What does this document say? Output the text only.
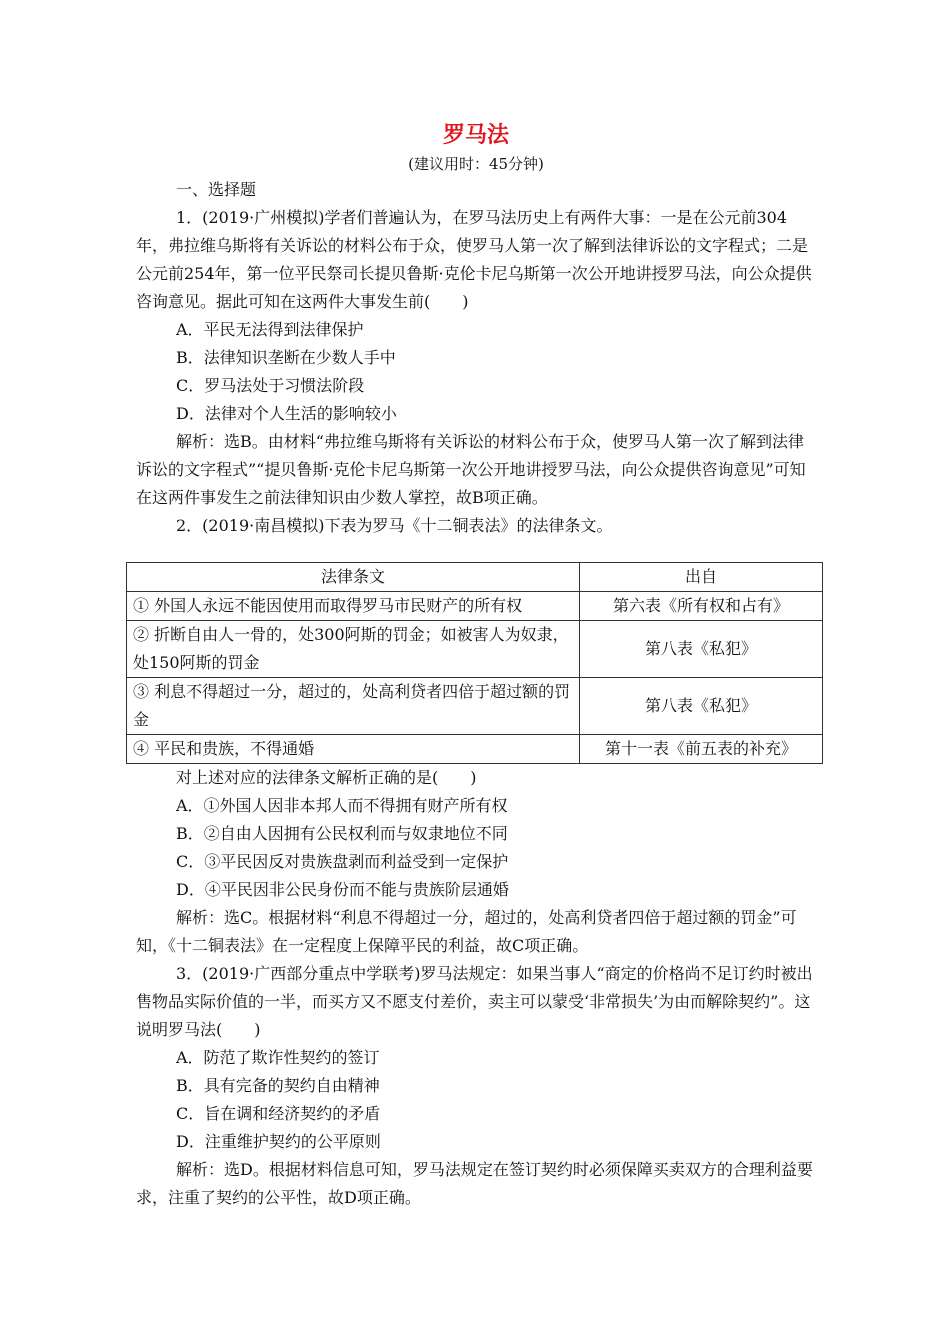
罗马法
(建议用时：45分钟)

一、选择题

1．(2019·广州模拟)学者们普遍认为，在罗马法历史上有两件大事：一是在公元前304年，弗拉维乌斯将有关诉讼的材料公布于众，使罗马人第一次了解到法律诉讼的文字程式；二是公元前254年，第一位平民祭司长提贝鲁斯·克伦卡尼乌斯第一次公开地讲授罗马法，向公众提供咨询意见。据此可知在这两件大事发生前(　　)

A．平民无法得到法律保护

B．法律知识垄断在少数人手中

C．罗马法处于习惯法阶段

D．法律对个人生活的影响较小

解析：选B。由材料“弗拉维乌斯将有关诉讼的材料公布于众，使罗马人第一次了解到法律诉讼的文字程式”“提贝鲁斯·克伦卡尼乌斯第一次公开地讲授罗马法，向公众提供咨询意见”可知在这两件事发生之前法律知识由少数人掌控，故B项正确。

2．(2019·南昌模拟)下表为罗马《十二铜表法》的法律条文。

法律条文	出自
① 外国人永远不能因使用而取得罗马市民财产的所有权	第六表《所有权和占有》
② 折断自由人一骨的，处300阿斯的罚金；如被害人为奴隶，处150阿斯的罚金	第八表《私犯》
③ 利息不得超过一分，超过的，处高利贷者四倍于超过额的罚金	第八表《私犯》
④ 平民和贵族，不得通婚	第十一表《前五表的补充》

对上述对应的法律条文解析正确的是(　　)

A．①外国人因非本邦人而不得拥有财产所有权

B．②自由人因拥有公民权利而与奴隶地位不同

C．③平民因反对贵族盘剥而利益受到一定保护

D．④平民因非公民身份而不能与贵族阶层通婚

解析：选C。根据材料“利息不得超过一分，超过的，处高利贷者四倍于超过额的罚金”可知，《十二铜表法》在一定程度上保障平民的利益，故C项正确。

3．(2019·广西部分重点中学联考)罗马法规定：如果当事人“商定的价格尚不足订约时被出售物品实际价值的一半，而买方又不愿支付差价，卖主可以蒙受‘非常损失’为由而解除契约”。这说明罗马法(　　)

A．防范了欺诈性契约的签订

B．具有完备的契约自由精神

C．旨在调和经济契约的矛盾

D．注重维护契约的公平原则

解析：选D。根据材料信息可知，罗马法规定在签订契约时必须保障买卖双方的合理利益要求，注重了契约的公平性，故D项正确。
